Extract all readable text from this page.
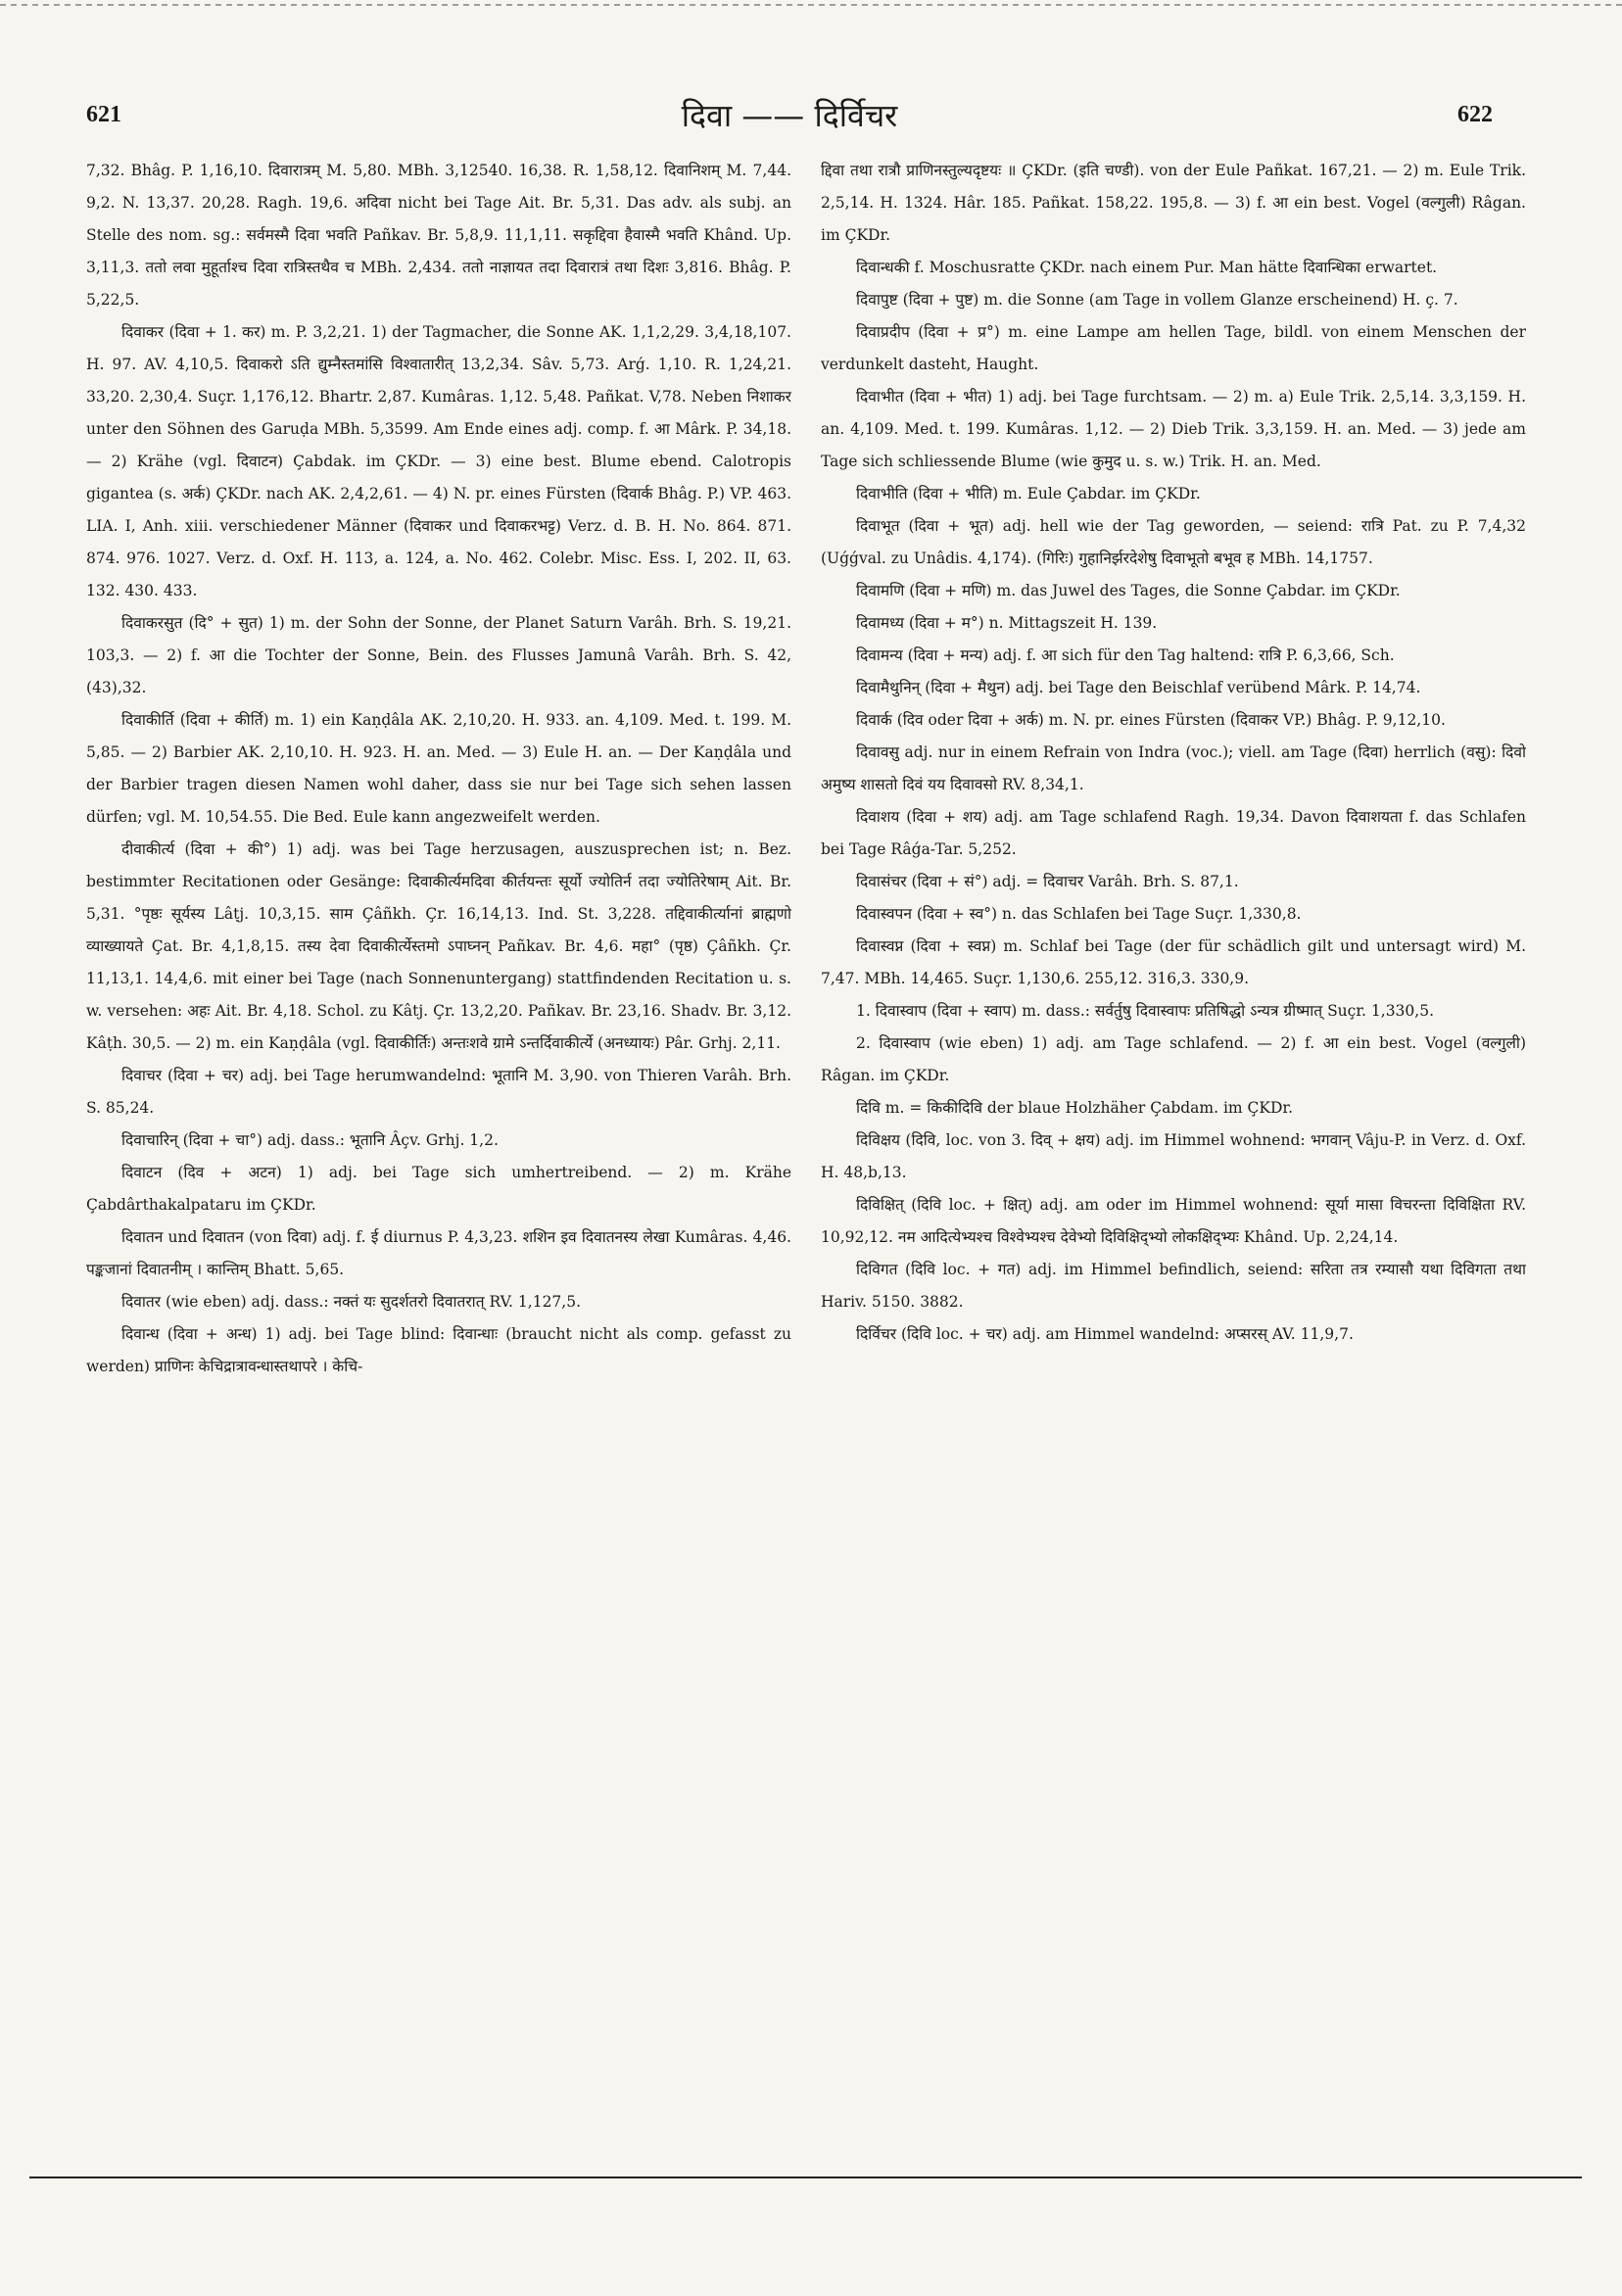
621	दिवा —— दिर्विचर	622

7,32. Bhâg. P. 1,16,10. दिवारात्रम् M. 5,80. MBh. 3,12540. 16,38. R. 1,58,12. दिवानिशम् M. 7,44. 9,2. N. 13,37. 20,28. Ragh. 19,6. अदिवा nicht bei Tage Ait. Br. 5,31. Das adv. als subj. an Stelle des nom. sg.: सर्वमस्मै दिवा भवति Pañkav. Br. 5,8,9. 11,1,11. सकृद्दिवा हैवास्मै भवति Khând. Up. 3,11,3. ततो लवा मुहूर्ताश्च दिवा रात्रिस्तथैव च MBh. 2,434. ततो नाज्ञायत तदा दिवारात्रं तथा दिशः 3,816. Bhâg. P. 5,22,5.

दिवाकर (दिवा + 1. कर) m. P. 3,2,21. 1) der Tagmacher, die Sonne AK. 1,1,2,29. 3,4,18,107. H. 97. AV. 4,10,5. दिवाकरो ऽति द्युम्नैस्तमांसि विश्वातारीत् 13,2,34. Sâv. 5,73. Arǵ. 1,10. R. 1,24,21. 33,20. 2,30,4. Suçr. 1,176,12. Bhartr. 2,87. Kumâras. 1,12. 5,48. Pañkat. V,78. Neben निशाकर unter den Söhnen des Garuḍa MBh. 5,3599. Am Ende eines adj. comp. f. आ Mârk. P. 34,18. — 2) Krähe (vgl. दिवाटन) Çabdak. im ÇKDr. — 3) eine best. Blume ebend. Calotropis gigantea (s. अर्क) ÇKDr. nach AK. 2,4,2,61. — 4) N. pr. eines Fürsten (दिवार्क Bhâg. P.) VP. 463. LIA. I, Anh. xiii. verschiedener Männer (दिवाकर und दिवाकरभट्ट) Verz. d. B. H. No. 864. 871. 874. 976. 1027. Verz. d. Oxf. H. 113, a. 124, a. No. 462. Colebr. Misc. Ess. I, 202. II, 63. 132. 430. 433.

दिवाकरसुत (दि° + सुत) 1) m. der Sohn der Sonne, der Planet Saturn Varâh. Brh. S. 19,21. 103,3. — 2) f. आ die Tochter der Sonne, Bein. des Flusses Jamunâ Varâh. Brh. S. 42,(43),32.

दिवाकीर्ति (दिवा + कीर्ति) m. 1) ein Kaṇḍâla AK. 2,10,20. H. 933. an. 4,109. Med. t. 199. M. 5,85. — 2) Barbier AK. 2,10,10. H. 923. H. an. Med. — 3) Eule H. an. — Der Kaṇḍâla und der Barbier tragen diesen Namen wohl daher, dass sie nur bei Tage sich sehen lassen dürfen; vgl. M. 10,54.55. Die Bed. Eule kann angezweifelt werden.

दीवाकीर्त्य (दिवा + की°) 1) adj. was bei Tage herzusagen, auszusprechen ist; n. Bez. bestimmter Recitationen oder Gesänge: दिवाकीर्त्यमदिवा कीर्तयन्तः सूर्यो ज्योतिर्न तदा ज्योतिरेषाम् Ait. Br. 5,31. °पृष्ठः सूर्यस्य Lâṭj. 10,3,15. साम Çâñkh. Çr. 16,14,13. Ind. St. 3,228. तद्दिवाकीर्त्यानां ब्राह्मणो व्याख्यायते Çat. Br. 4,1,8,15. तस्य देवा दिवाकीर्त्येस्तमो ऽपाघ्नन् Pañkav. Br. 4,6. महा° (पृष्ठ) Çâñkh. Çr. 11,13,1. 14,4,6. mit einer bei Tage (nach Sonnenuntergang) stattfindenden Recitation u. s. w. versehen: अहः Ait. Br. 4,18. Schol. zu Kâtj. Çr. 13,2,20. Pañkav. Br. 23,16. Shadv. Br. 3,12. Kâṭh. 30,5. — 2) m. ein Kaṇḍâla (vgl. दिवाकीर्तिः) अन्तःशवे ग्रामे ऽन्तर्दिवाकीर्त्ये (अनध्यायः) Pâr. Grhj. 2,11.

दिवाचर (दिवा + चर) adj. bei Tage herumwandelnd: भूतानि M. 3,90. von Thieren Varâh. Brh. S. 85,24.

दिवाचारिन् (दिवा + चा°) adj. dass.: भूतानि Âçv. Grhj. 1,2.

दिवाटन (दिव + अटन) 1) adj. bei Tage sich umhertreibend. — 2) m. Krähe Çabdârthakalpataru im ÇKDr.

दिवातन und दिवातन (von दिवा) adj. f. ई diurnus P. 4,3,23. शशिन इव दिवातनस्य लेखा Kumâras. 4,46. पङ्कजानां दिवातनीम् । कान्तिम् Bhatt. 5,65.

दिवातर (wie eben) adj. dass.: नक्तं यः सुदर्शतरो दिवातरात् RV. 1,127,5.

दिवान्ध (दिवा + अन्ध) 1) adj. bei Tage blind: दिवान्धाः (braucht nicht als comp. gefasst zu werden) प्राणिनः केचिद्रात्रावन्धास्तथापरे । केचि-

द्दिवा तथा रात्रौ प्राणिनस्तुल्यदृष्टयः ॥ ÇKDr. (इति चण्डी). von der Eule Pañkat. 167,21. — 2) m. Eule Trik. 2,5,14. H. 1324. Hâr. 185. Pañkat. 158,22. 195,8. — 3) f. आ ein best. Vogel (वल्गुली) Râgan. im ÇKDr.

दिवान्धकी f. Moschusratte ÇKDr. nach einem Pur. Man hätte दिवान्धिका erwartet.

दिवापुष्ट (दिवा + पुष्ट) m. die Sonne (am Tage in vollem Glanze erscheinend) H. ç. 7.

दिवाप्रदीप (दिवा + प्र°) m. eine Lampe am hellen Tage, bildl. von einem Menschen der verdunkelt dasteht, Haught.

दिवाभीत (दिवा + भीत) 1) adj. bei Tage furchtsam. — 2) m. a) Eule Trik. 2,5,14. 3,3,159. H. an. 4,109. Med. t. 199. Kumâras. 1,12. — 2) Dieb Trik. 3,3,159. H. an. Med. — 3) jede am Tage sich schliessende Blume (wie कुमुद u. s. w.) Trik. H. an. Med.

दिवाभीति (दिवा + भीति) m. Eule Çabdar. im ÇKDr.

दिवाभूत (दिवा + भूत) adj. hell wie der Tag geworden, — seiend: रात्रि Pat. zu P. 7,4,32 (Uǵǵval. zu Unâdis. 4,174). (गिरिः) गुहानिर्झरदेशेषु दिवाभूतो बभूव ह MBh. 14,1757.

दिवामणि (दिवा + मणि) m. das Juwel des Tages, die Sonne Çabdar. im ÇKDr.

दिवामध्य (दिवा + म°) n. Mittagszeit H. 139.

दिवामन्य (दिवा + मन्य) adj. f. आ sich für den Tag haltend: रात्रि P. 6,3,66, Sch.

दिवामैथुनिन् (दिवा + मैथुन) adj. bei Tage den Beischlaf verübend Mârk. P. 14,74.

दिवार्क (दिव oder दिवा + अर्क) m. N. pr. eines Fürsten (दिवाकर VP.) Bhâg. P. 9,12,10.

दिवावसु adj. nur in einem Refrain von Indra (voc.); viell. am Tage (दिवा) herrlich (वसु): दिवो अमुष्य शासतो दिवं यय दिवावसो RV. 8,34,1.

दिवाशय (दिवा + शय) adj. am Tage schlafend Ragh. 19,34. Davon दिवाशयता f. das Schlafen bei Tage Râǵa-Tar. 5,252.

दिवासंचर (दिवा + सं°) adj. = दिवाचर Varâh. Brh. S. 87,1.

दिवास्वपन (दिवा + स्व°) n. das Schlafen bei Tage Suçr. 1,330,8.

दिवास्वप्न (दिवा + स्वप्न) m. Schlaf bei Tage (der für schädlich gilt und untersagt wird) M. 7,47. MBh. 14,465. Suçr. 1,130,6. 255,12. 316,3. 330,9.

1. दिवास्वाप (दिवा + स्वाप) m. dass.: सर्वर्तुषु दिवास्वापः प्रतिषिद्धो ऽन्यत्र ग्रीष्मात् Suçr. 1,330,5.

2. दिवास्वाप (wie eben) 1) adj. am Tage schlafend. — 2) f. आ ein best. Vogel (वल्गुली) Râgan. im ÇKDr.

दिवि m. = किकीदिवि der blaue Holzhäher Çabdam. im ÇKDr.

दिविक्षय (दिवि, loc. von 3. दिव् + क्षय) adj. im Himmel wohnend: भगवान् Vâju-P. in Verz. d. Oxf. H. 48,b,13.

दिविक्षित् (दिवि loc. + क्षित्) adj. am oder im Himmel wohnend: सूर्या मासा विचरन्ता दिविक्षिता RV. 10,92,12. नम आदित्येभ्यश्च विश्वेभ्यश्च देवेभ्यो दिविक्षिद्भ्यो लोकक्षिद्भ्यः Khând. Up. 2,24,14.

दिविगत (दिवि loc. + गत) adj. im Himmel befindlich, seiend: सरिता तत्र रम्यासौ यथा दिविगता तथा Hariv. 5150. 3882.

दिर्विचर (दिवि loc. + चर) adj. am Himmel wandelnd: अप्सरस् AV. 11,9,7.
